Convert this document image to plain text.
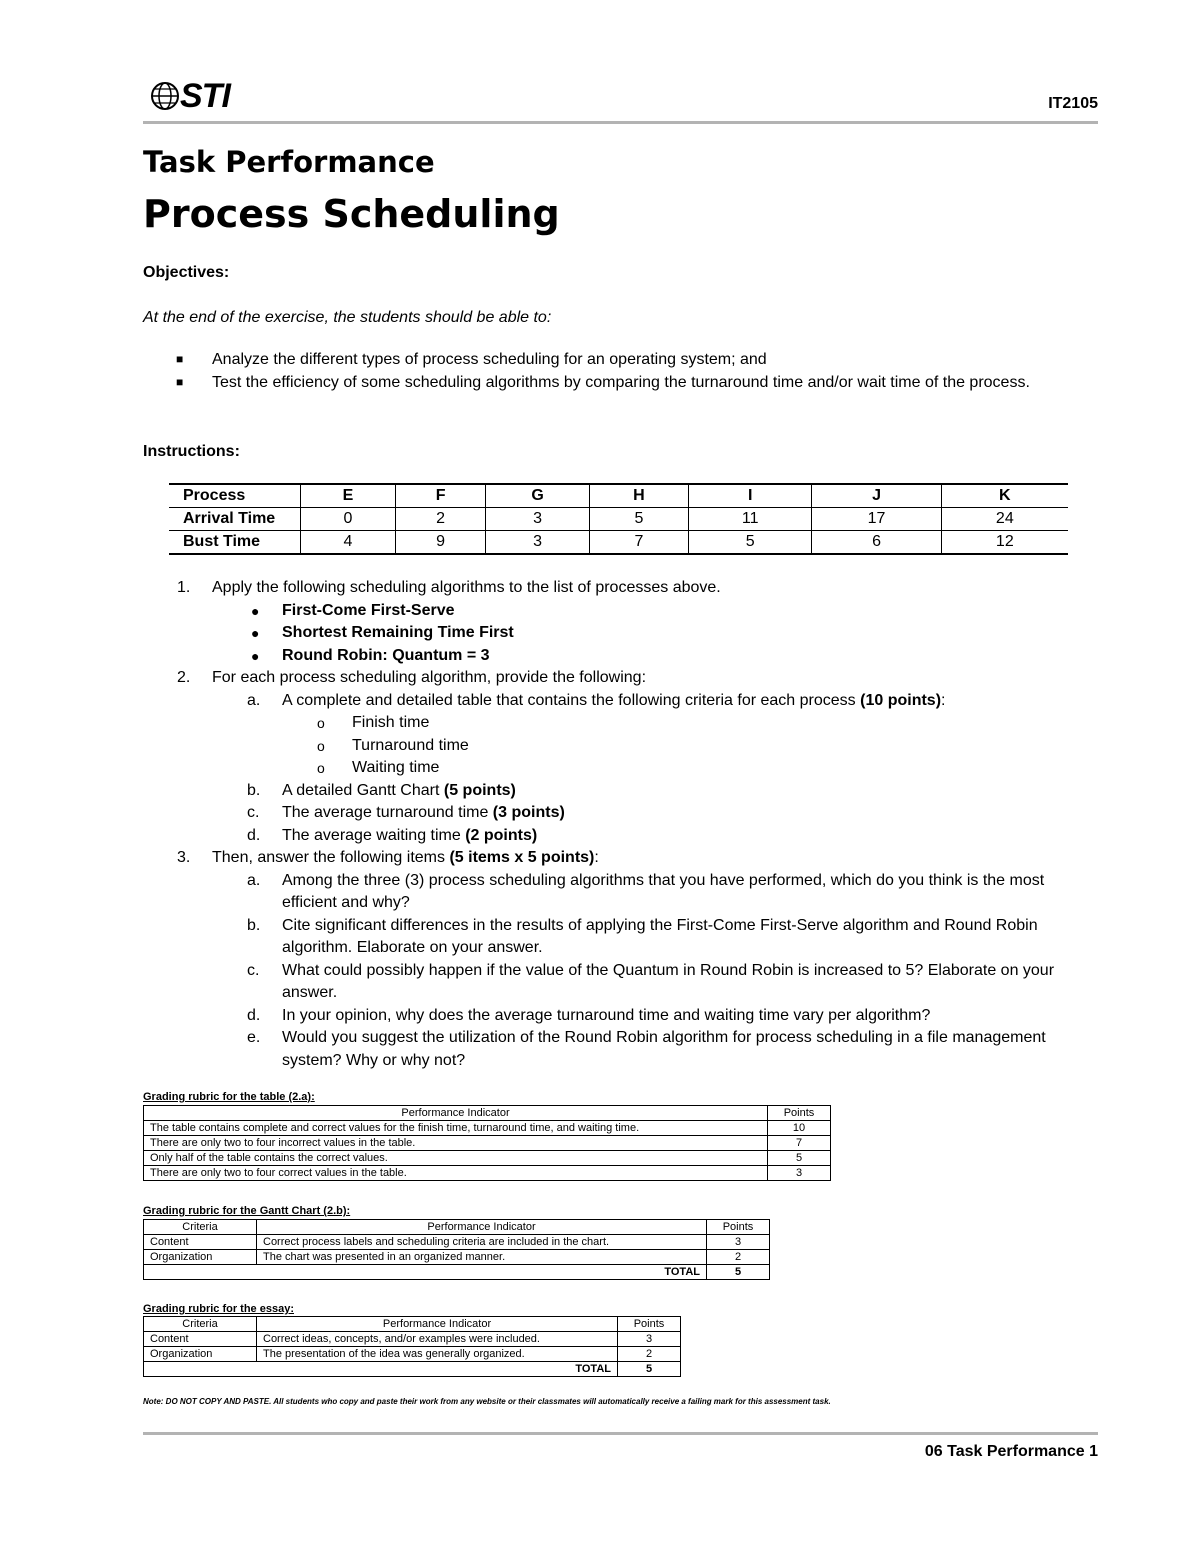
STI	IT2105
Task Performance
Process Scheduling
Objectives:
At the end of the exercise, the students should be able to:
■ Analyze the different types of process scheduling for an operating system; and
■ Test the efficiency of some scheduling algorithms by comparing the turnaround time and/or wait time of the process.
Instructions:
Process	E	F	G	H	I	J	K
Arrival Time	0	2	3	5	11	17	24
Bust Time	4	9	3	7	5	6	12
1. Apply the following scheduling algorithms to the list of processes above.
● First-Come First-Serve
● Shortest Remaining Time First
● Round Robin: Quantum = 3
2. For each process scheduling algorithm, provide the following:
a. A complete and detailed table that contains the following criteria for each process (10 points):
o Finish time
o Turnaround time
o Waiting time
b. A detailed Gantt Chart (5 points)
c. The average turnaround time (3 points)
d. The average waiting time (2 points)
3. Then, answer the following items (5 items x 5 points):
a. Among the three (3) process scheduling algorithms that you have performed, which do you think is the most efficient and why?
b. Cite significant differences in the results of applying the First-Come First-Serve algorithm and Round Robin algorithm. Elaborate on your answer.
c. What could possibly happen if the value of the Quantum in Round Robin is increased to 5? Elaborate on your answer.
d. In your opinion, why does the average turnaround time and waiting time vary per algorithm?
e. Would you suggest the utilization of the Round Robin algorithm for process scheduling in a file management system? Why or why not?
Grading rubric for the table (2.a):
Performance Indicator	Points
The table contains complete and correct values for the finish time, turnaround time, and waiting time.	10
There are only two to four incorrect values in the table.	7
Only half of the table contains the correct values.	5
There are only two to four correct values in the table.	3
Grading rubric for the Gantt Chart (2.b):
Criteria	Performance Indicator	Points
Content	Correct process labels and scheduling criteria are included in the chart.	3
Organization	The chart was presented in an organized manner.	2
TOTAL		5
Grading rubric for the essay:
Criteria	Performance Indicator	Points
Content	Correct ideas, concepts, and/or examples were included.	3
Organization	The presentation of the idea was generally organized.	2
TOTAL		5
Note: DO NOT COPY AND PASTE. All students who copy and paste their work from any website or their classmates will automatically receive a failing mark for this assessment task.
06 Task Performance 1
